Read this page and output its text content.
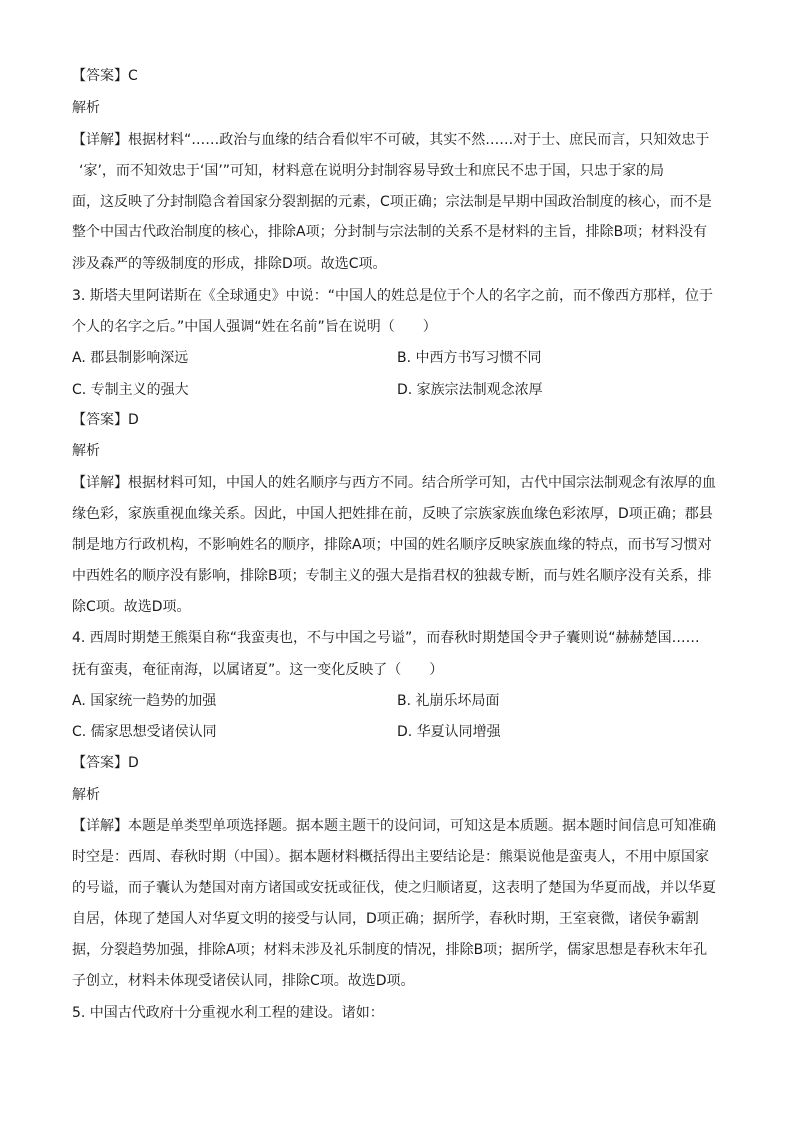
【答案】C
解析
【详解】根据材料“……政治与血缘的结合看似牢不可破，其实不然……对于士、庶民而言，只知效忠于
‘家’，而不知效忠于‘国’”可知，材料意在说明分封制容易导致士和庶民不忠于国，只忠于家的局
面，这反映了分封制隐含着国家分裂割据的元素，C项正确；宗法制是早期中国政治制度的核心，而不是
整个中国古代政治制度的核心，排除A项；分封制与宗法制的关系不是材料的主旨，排除B项；材料没有
涉及森严的等级制度的形成，排除D项。故选C项。
3. 斯塔夫里阿诺斯在《全球通史》中说：“中国人的姓总是位于个人的名字之前，而不像西方那样，位于
个人的名字之后。”中国人强调“姓在名前”旨在说明（　　）
A. 郡县制影响深远	B. 中西方书写习惯不同
C. 专制主义的强大	D. 家族宗法制观念浓厚
【答案】D
解析
【详解】根据材料可知，中国人的姓名顺序与西方不同。结合所学可知，古代中国宗法制观念有浓厚的血
缘色彩，家族重视血缘关系。因此，中国人把姓排在前，反映了宗族家族血缘色彩浓厚，D项正确；郡县
制是地方行政机构，不影响姓名的顺序，排除A项；中国的姓名顺序反映家族血缘的特点，而书写习惯对
中西姓名的顺序没有影响，排除B项；专制主义的强大是指君权的独裁专断，而与姓名顺序没有关系，排
除C项。故选D项。
4. 西周时期楚王熊渠自称“我蛮夷也，不与中国之号谥”，而春秋时期楚国令尹子囊则说“赫赫楚国……
抚有蛮夷，奄征南海，以属诸夏”。这一变化反映了（　　）
A. 国家统一趋势的加强	B. 礼崩乐坏局面
C. 儒家思想受诸侯认同	D. 华夏认同增强
【答案】D
解析
【详解】本题是单类型单项选择题。据本题主题干的设问词，可知这是本质题。据本题时间信息可知准确
时空是：西周、春秋时期（中国）。据本题材料概括得出主要结论是：熊渠说他是蛮夷人，不用中原国家
的号谥，而子囊认为楚国对南方诸国或安抚或征伐，使之归顺诸夏，这表明了楚国为华夏而战，并以华夏
自居，体现了楚国人对华夏文明的接受与认同，D项正确；据所学，春秋时期，王室衰微，诸侯争霸割
据，分裂趋势加强，排除A项；材料未涉及礼乐制度的情况，排除B项；据所学，儒家思想是春秋末年孔
子创立，材料未体现受诸侯认同，排除C项。故选D项。
5. 中国古代政府十分重视水利工程的建设。诸如：
